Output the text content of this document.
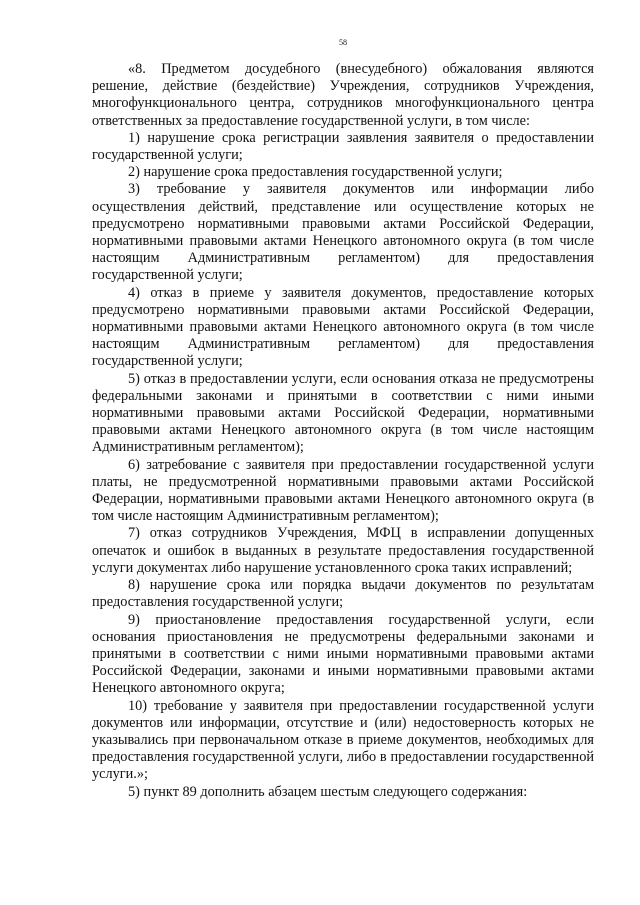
58

«8. Предметом досудебного (внесудебного) обжалования являются решение, действие (бездействие) Учреждения, сотрудников Учреждения, многофункционального центра, сотрудников многофункционального центра ответственных за предоставление государственной услуги, в том числе:

1) нарушение срока регистрации заявления заявителя о предоставлении государственной услуги;

2) нарушение срока предоставления государственной услуги;

3) требование у заявителя документов или информации либо осуществления действий, представление или осуществление которых не предусмотрено нормативными правовыми актами Российской Федерации, нормативными правовыми актами Ненецкого автономного округа (в том числе настоящим Административным регламентом) для предоставления государственной услуги;

4) отказ в приеме у заявителя документов, предоставление которых предусмотрено нормативными правовыми актами Российской Федерации, нормативными правовыми актами Ненецкого автономного округа (в том числе настоящим Административным регламентом) для предоставления государственной услуги;

5) отказ в предоставлении услуги, если основания отказа не предусмотрены федеральными законами и принятыми в соответствии с ними иными нормативными правовыми актами Российской Федерации, нормативными правовыми актами Ненецкого автономного округа (в том числе настоящим Административным регламентом);

6) затребование с заявителя при предоставлении государственной услуги платы, не предусмотренной нормативными правовыми актами Российской Федерации, нормативными правовыми актами Ненецкого автономного округа (в том числе настоящим Административным регламентом);

7) отказ сотрудников Учреждения, МФЦ в исправлении допущенных опечаток и ошибок в выданных в результате предоставления государственной услуги документах либо нарушение установленного срока таких исправлений;

8) нарушение срока или порядка выдачи документов по результатам предоставления государственной услуги;

9) приостановление предоставления государственной услуги, если основания приостановления не предусмотрены федеральными законами и принятыми в соответствии с ними иными нормативными правовыми актами Российской Федерации, законами и иными нормативными правовыми актами Ненецкого автономного округа;

10) требование у заявителя при предоставлении государственной услуги документов или информации, отсутствие и (или) недостоверность которых не указывались при первоначальном отказе в приеме документов, необходимых для предоставления государственной услуги, либо в предоставлении государственной услуги.»;

5) пункт 89 дополнить абзацем шестым следующего содержания:
